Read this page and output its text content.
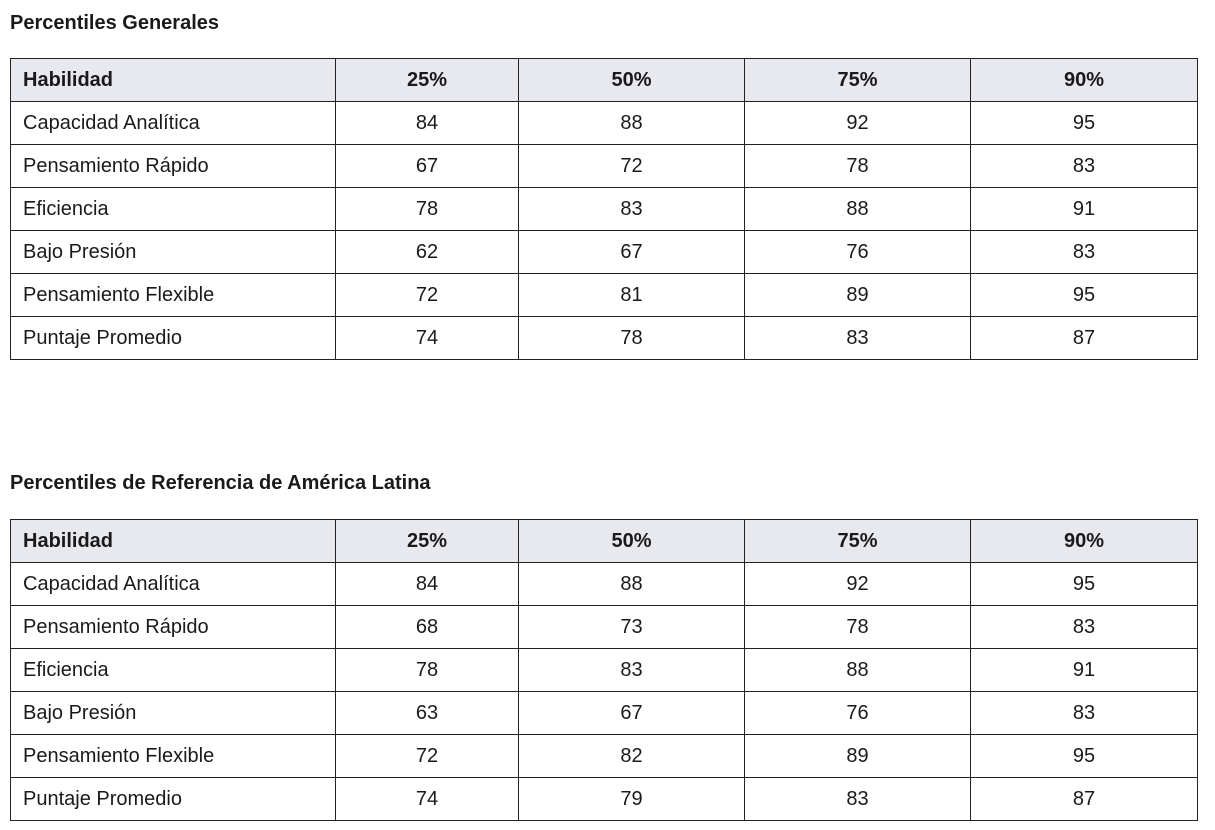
Percentiles Generales
Habilidad	25%	50%	75%	90%
Capacidad Analítica	84	88	92	95
Pensamiento Rápido	67	72	78	83
Eficiencia	78	83	88	91
Bajo Presión	62	67	76	83
Pensamiento Flexible	72	81	89	95
Puntaje Promedio	74	78	83	87
Percentiles de Referencia de América Latina
Habilidad	25%	50%	75%	90%
Capacidad Analítica	84	88	92	95
Pensamiento Rápido	68	73	78	83
Eficiencia	78	83	88	91
Bajo Presión	63	67	76	83
Pensamiento Flexible	72	82	89	95
Puntaje Promedio	74	79	83	87
